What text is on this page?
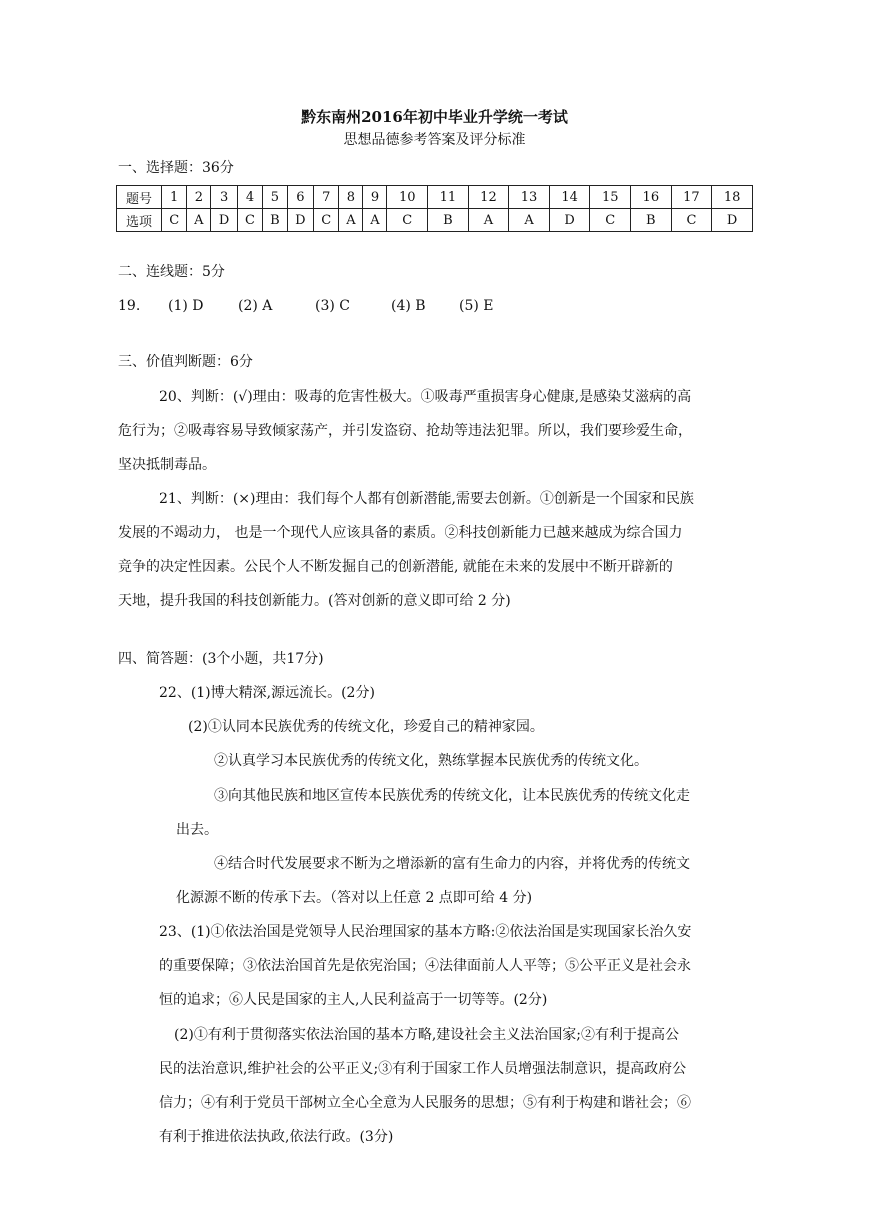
黔东南州2016年初中毕业升学统一考试
思想品德参考答案及评分标准
一、选择题：36分
题号	1	2	3	4	5	6	7	8	9	10	11	12	13	14	15	16	17	18
选项	C	A	D	C	B	D	C	A	A	C	B	A	A	D	C	B	C	D
二、连线题：5分
19. (1) D (2) A	(3) C	(4) B (5) E
三、价值判断题：6分
20、判断：(√)理由：吸毒的危害性极大。①吸毒严重损害身心健康,是感染艾滋病的高
危行为；②吸毒容易导致倾家荡产，并引发盗窃、抢劫等违法犯罪。所以，我们要珍爱生命，
坚决抵制毒品。
21、判断：(×)理由：我们每个人都有创新潜能,需要去创新。①创新是一个国家和民族
发展的不竭动力， 也是一个现代人应该具备的素质。②科技创新能力已越来越成为综合国力
竞争的决定性因素。公民个人不断发掘自己的创新潜能, 就能在未来的发展中不断开辟新的
天地，提升我国的科技创新能力。(答对创新的意义即可给 2 分)
四、简答题：(3个小题，共17分)
22、(1)博大精深,源远流长。(2分)
(2)①认同本民族优秀的传统文化，珍爱自己的精神家园。
②认真学习本民族优秀的传统文化，熟练掌握本民族优秀的传统文化。
③向其他民族和地区宣传本民族优秀的传统文化，让本民族优秀的传统文化走
出去。
④结合时代发展要求不断为之增添新的富有生命力的内容，并将优秀的传统文
化源源不断的传承下去。（答对以上任意 2 点即可给 4 分)
23、(1)①依法治国是党领导人民治理国家的基本方略:②依法治国是实现国家长治久安
的重要保障；③依法治国首先是依宪治国；④法律面前人人平等；⑤公平正义是社会永
恒的追求；⑥人民是国家的主人,人民利益高于一切等等。(2分)
(2)①有利于贯彻落实依法治国的基本方略,建设社会主义法治国家;②有利于提高公
民的法治意识,维护社会的公平正义;③有利于国家工作人员增强法制意识，提高政府公
信力；④有利于党员干部树立全心全意为人民服务的思想；⑤有利于构建和谐社会；⑥
有利于推进依法执政,依法行政。(3分)
